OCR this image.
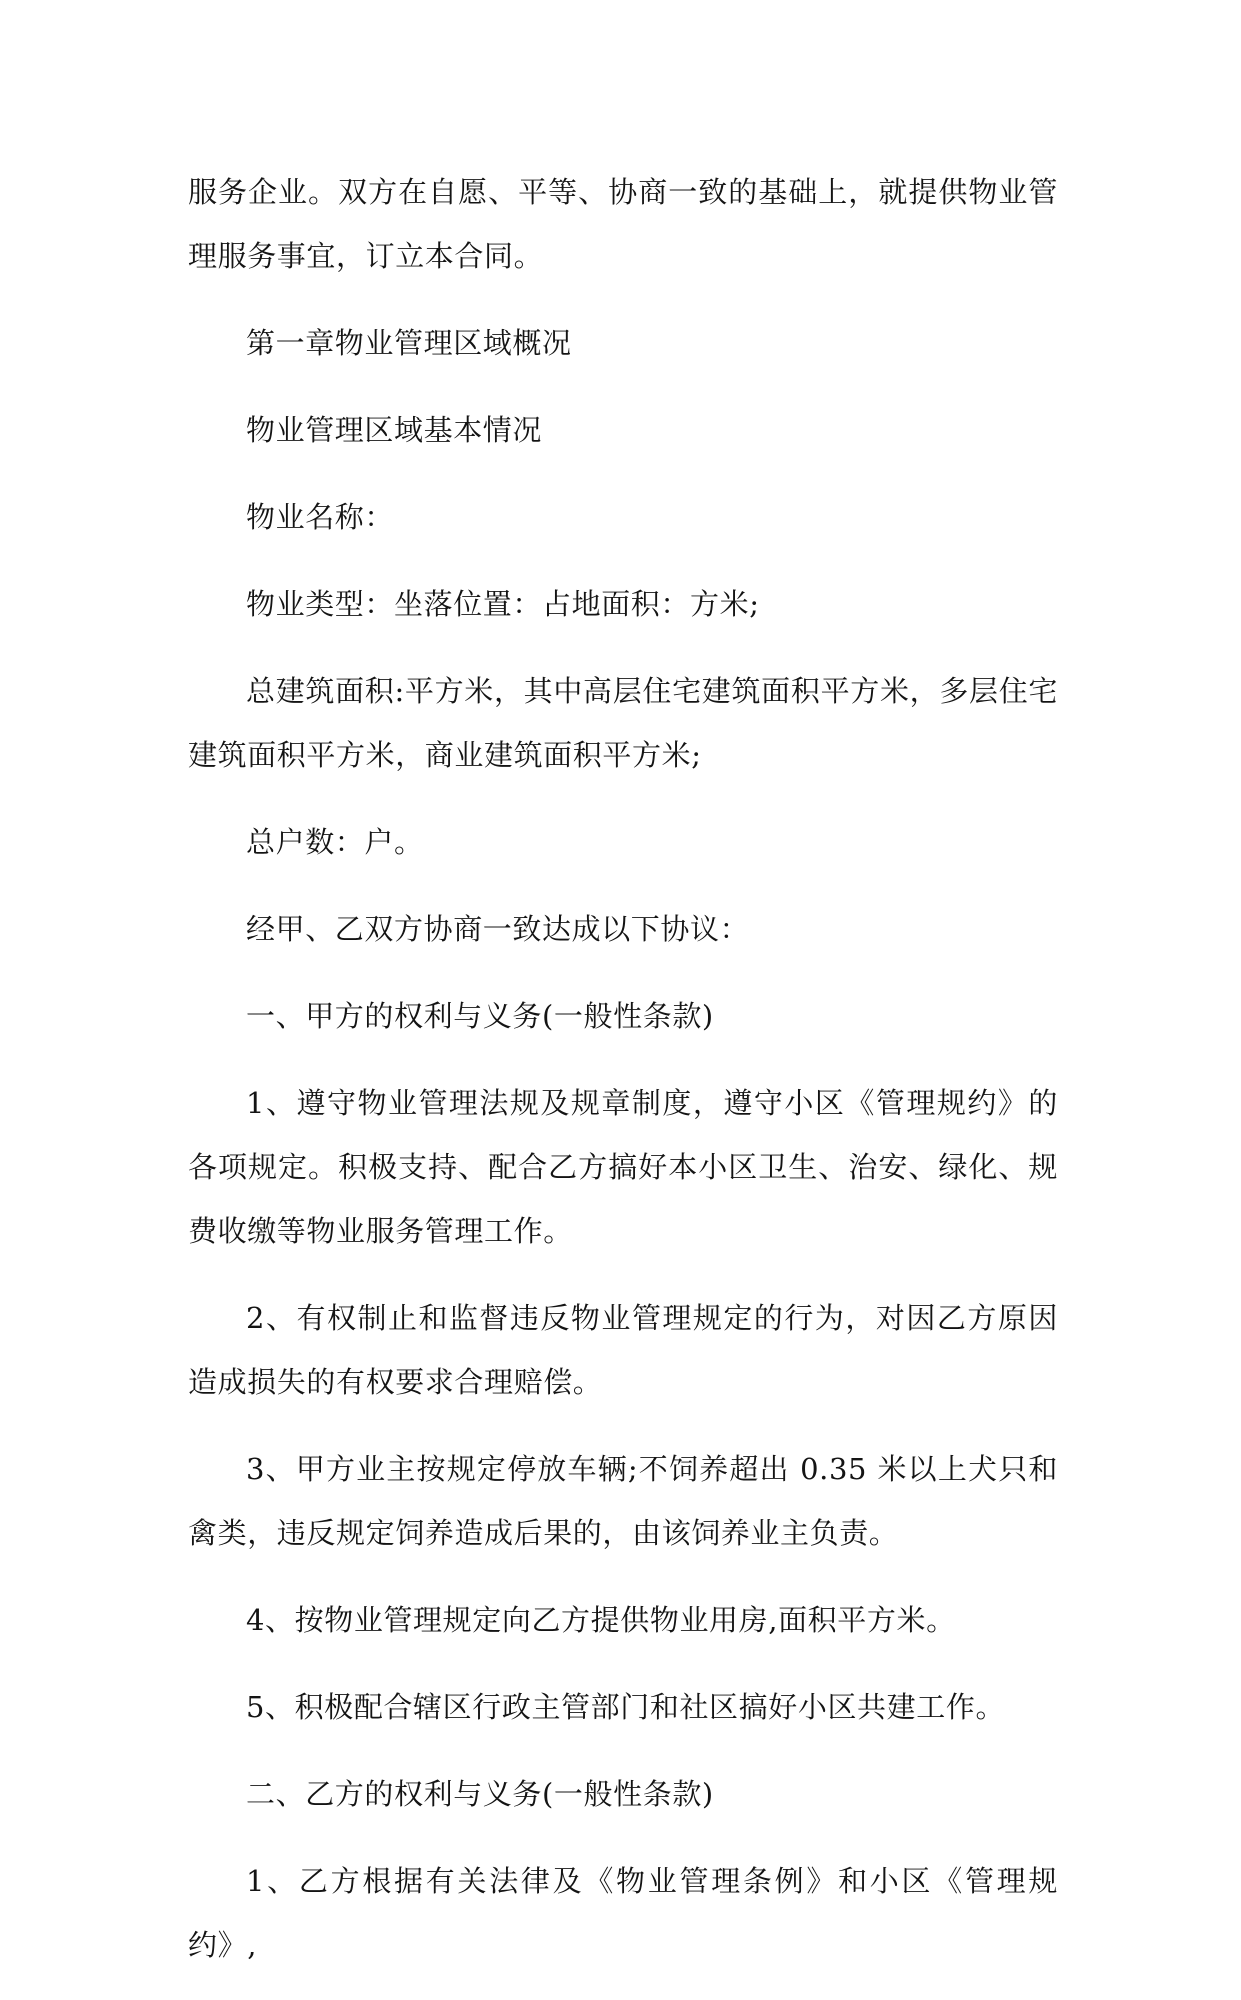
服务企业。双方在自愿、平等、协商一致的基础上，就提供物业管理服务事宜，订立本合同。

第一章物业管理区域概况

物业管理区域基本情况

物业名称：

物业类型：坐落位置：占地面积：方米;

总建筑面积:平方米，其中高层住宅建筑面积平方米，多层住宅建筑面积平方米，商业建筑面积平方米;

总户数：户。

经甲、乙双方协商一致达成以下协议：

一、甲方的权利与义务(一般性条款)

1、遵守物业管理法规及规章制度，遵守小区《管理规约》的各项规定。积极支持、配合乙方搞好本小区卫生、治安、绿化、规费收缴等物业服务管理工作。

2、有权制止和监督违反物业管理规定的行为，对因乙方原因造成损失的有权要求合理赔偿。

3、甲方业主按规定停放车辆;不饲养超出 0.35 米以上犬只和禽类，违反规定饲养造成后果的，由该饲养业主负责。

4、按物业管理规定向乙方提供物业用房,面积平方米。

5、积极配合辖区行政主管部门和社区搞好小区共建工作。

二、乙方的权利与义务(一般性条款)

1、乙方根据有关法律及《物业管理条例》和小区《管理规约》,
